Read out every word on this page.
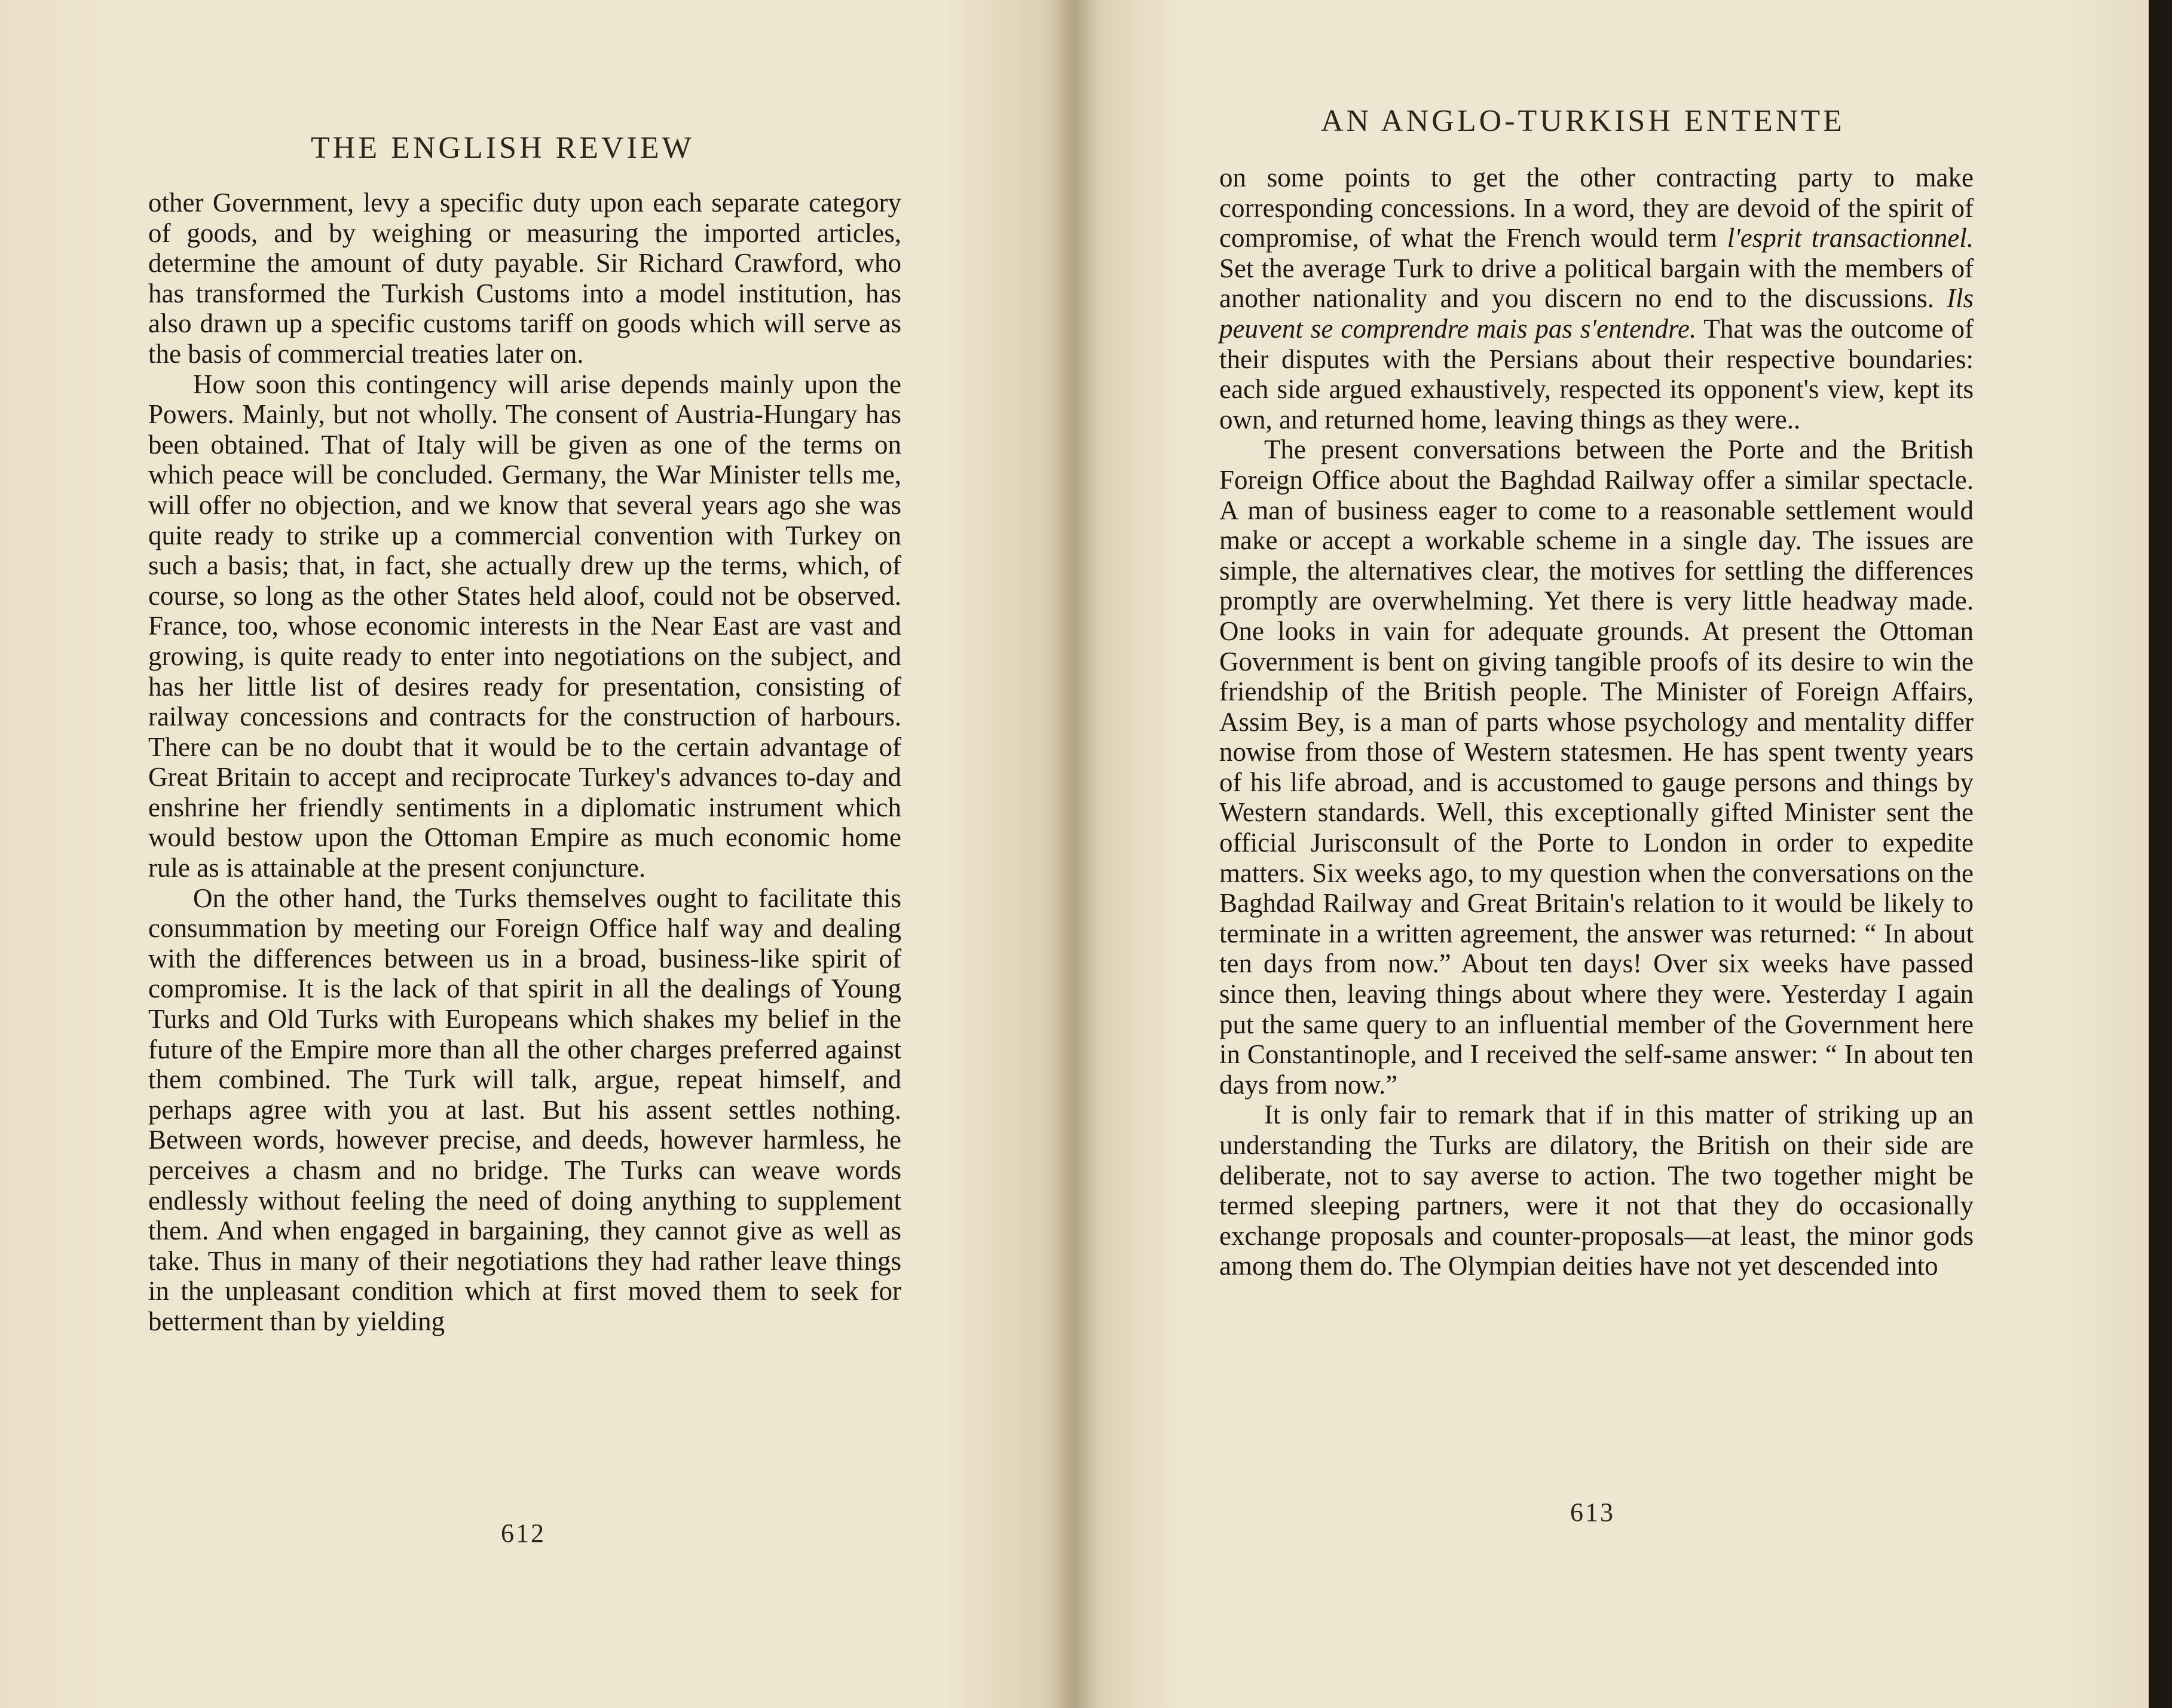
THE ENGLISH REVIEW

other Government, levy a specific duty upon each separate category of goods, and by weighing or measuring the imported articles, determine the amount of duty payable. Sir Richard Crawford, who has transformed the Turkish Customs into a model institution, has also drawn up a specific customs tariff on goods which will serve as the basis of commercial treaties later on.

How soon this contingency will arise depends mainly upon the Powers. Mainly, but not wholly. The consent of Austria-Hungary has been obtained. That of Italy will be given as one of the terms on which peace will be concluded. Germany, the War Minister tells me, will offer no objection, and we know that several years ago she was quite ready to strike up a commercial convention with Turkey on such a basis; that, in fact, she actually drew up the terms, which, of course, so long as the other States held aloof, could not be observed. France, too, whose economic interests in the Near East are vast and growing, is quite ready to enter into negotiations on the subject, and has her little list of desires ready for presentation, consisting of railway concessions and contracts for the construction of harbours. There can be no doubt that it would be to the certain advantage of Great Britain to accept and reciprocate Turkey's advances to-day and enshrine her friendly sentiments in a diplomatic instrument which would bestow upon the Ottoman Empire as much economic home rule as is attainable at the present conjuncture.

On the other hand, the Turks themselves ought to facilitate this consummation by meeting our Foreign Office half way and dealing with the differences between us in a broad, business-like spirit of compromise. It is the lack of that spirit in all the dealings of Young Turks and Old Turks with Europeans which shakes my belief in the future of the Empire more than all the other charges preferred against them combined. The Turk will talk, argue, repeat himself, and perhaps agree with you at last. But his assent settles nothing. Between words, however precise, and deeds, however harmless, he perceives a chasm and no bridge. The Turks can weave words endlessly without feeling the need of doing anything to supplement them. And when engaged in bargaining, they cannot give as well as take. Thus in many of their negotiations they had rather leave things in the unpleasant condition which at first moved them to seek for betterment than by yielding

612
AN ANGLO-TURKISH ENTENTE

on some points to get the other contracting party to make corresponding concessions. In a word, they are devoid of the spirit of compromise, of what the French would term l'esprit transactionnel. Set the average Turk to drive a political bargain with the members of another nationality and you discern no end to the discussions. Ils peuvent se comprendre mais pas s'entendre. That was the outcome of their disputes with the Persians about their respective boundaries: each side argued exhaustively, respected its opponent's view, kept its own, and returned home, leaving things as they were..

The present conversations between the Porte and the British Foreign Office about the Baghdad Railway offer a similar spectacle. A man of business eager to come to a reasonable settlement would make or accept a workable scheme in a single day. The issues are simple, the alternatives clear, the motives for settling the differences promptly are overwhelming. Yet there is very little headway made. One looks in vain for adequate grounds. At present the Ottoman Government is bent on giving tangible proofs of its desire to win the friendship of the British people. The Minister of Foreign Affairs, Assim Bey, is a man of parts whose psychology and mentality differ nowise from those of Western statesmen. He has spent twenty years of his life abroad, and is accustomed to gauge persons and things by Western standards. Well, this exceptionally gifted Minister sent the official Jurisconsult of the Porte to London in order to expedite matters. Six weeks ago, to my question when the conversations on the Baghdad Railway and Great Britain's relation to it would be likely to terminate in a written agreement, the answer was returned: “ In about ten days from now.” About ten days! Over six weeks have passed since then, leaving things about where they were. Yesterday I again put the same query to an influential member of the Government here in Constantinople, and I received the self-same answer: “ In about ten days from now.”

It is only fair to remark that if in this matter of striking up an understanding the Turks are dilatory, the British on their side are deliberate, not to say averse to action. The two together might be termed sleeping partners, were it not that they do occasionally exchange proposals and counter-proposals—at least, the minor gods among them do. The Olympian deities have not yet descended into

613
